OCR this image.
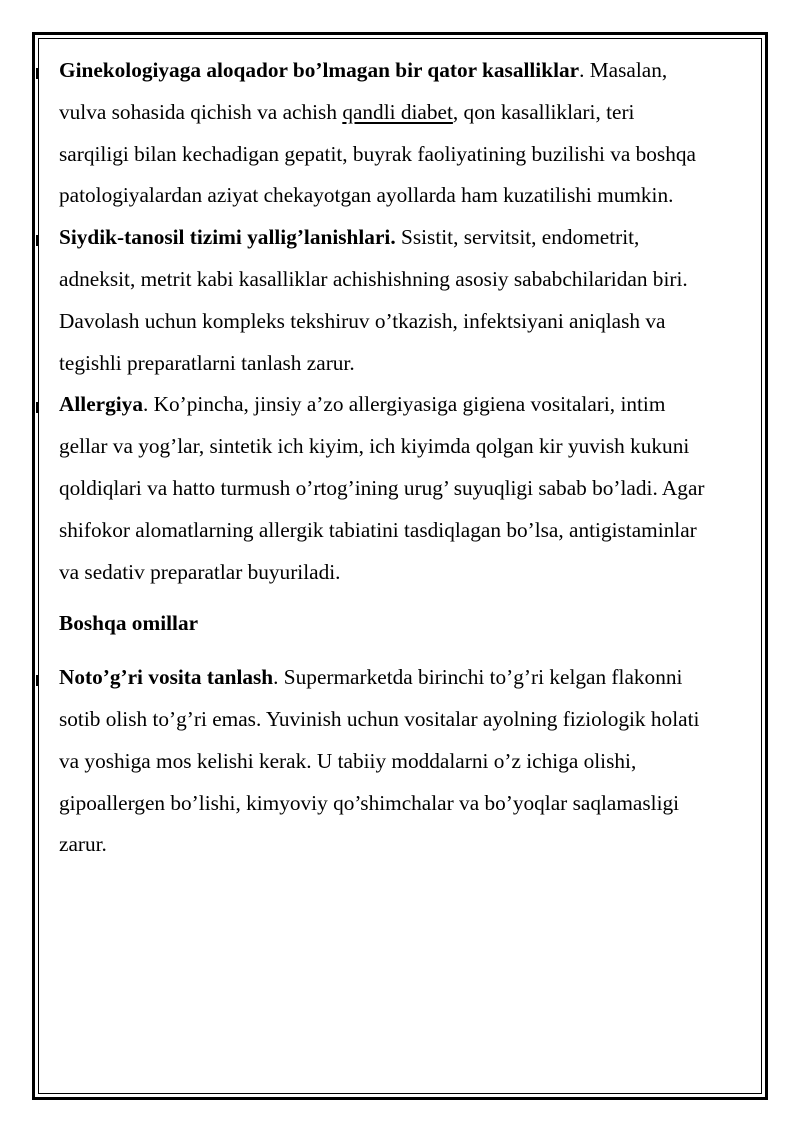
Ginekologiyaga aloqador bo’lmagan bir qator kasalliklar. Masalan, vulva sohasida qichish va achish qandli diabet, qon kasalliklari, teri sarqiligi bilan kechadigan gepatit, buyrak faoliyatining buzilishi va boshqa patologiyalardan aziyat chekayotgan ayollarda ham kuzatilishi mumkin.

Siydik-tanosil tizimi yallig’lanishlari. Ssistit, servitsit, endometrit, adneksit, metrit kabi kasalliklar achishishning asosiy sababchilaridan biri. Davolash uchun kompleks tekshiruv o’tkazish, infektsiyani aniqlash va tegishli preparatlarni tanlash zarur.

Allergiya. Ko’pincha, jinsiy a’zo allergiyasiga gigiena vositalari, intim gellar va yog’lar, sintetik ich kiyim, ich kiyimda qolgan kir yuvish kukuni qoldiqlari va hatto turmush o’rtog’ining urug’ suyuqligi sabab bo’ladi. Agar shifokor alomatlarning allergik tabiatini tasdiqlagan bo’lsa, antigistaminlar va sedativ preparatlar buyuriladi.

Boshqa omillar

Noto’g’ri vosita tanlash. Supermarketda birinchi to’g’ri kelgan flakonni sotib olish to’g’ri emas. Yuvinish uchun vositalar ayolning fiziologik holati va yoshiga mos kelishi kerak. U tabiiy moddalarni o’z ichiga olishi, gipoallergen bo’lishi, kimyoviy qo’shimchalar va bo’yoqlar saqlamasligi zarur.
